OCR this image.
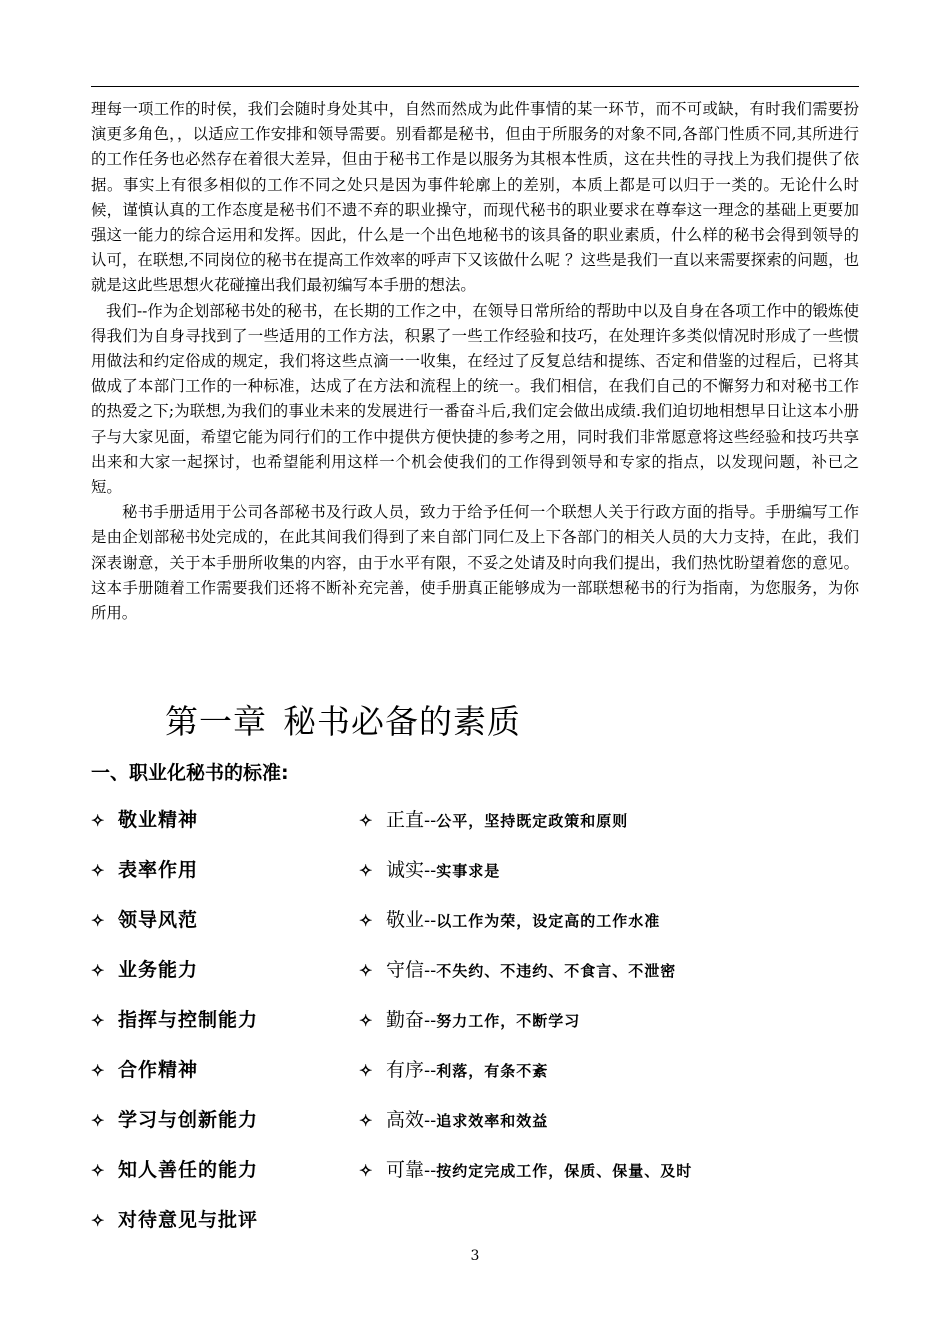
理每一项工作的时侯，我们会随时身处其中，自然而然成为此件事情的某一环节，而不可或缺，有时我们需要扮演更多角色，，以适应工作安排和领导需要。别看都是秘书，但由于所服务的对象不同,各部门性质不同,其所进行的工作任务也必然存在着很大差异，但由于秘书工作是以服务为其根本性质，这在共性的寻找上为我们提供了依据。事实上有很多相似的工作不同之处只是因为事件轮廓上的差别，本质上都是可以归于一类的。无论什么时候，谨慎认真的工作态度是秘书们不遗不弃的职业操守，而现代秘书的职业要求在尊奉这一理念的基础上更要加强这一能力的综合运用和发挥。因此，什么是一个出色地秘书的该具备的职业素质，什么样的秘书会得到领导的认可，在联想,不同岗位的秘书在提高工作效率的呼声下又该做什么呢 ？这些是我们一直以来需要探索的问题，也就是这此些思想火花碰撞出我们最初编写本手册的想法。

我们--作为企划部秘书处的秘书，在长期的工作之中，在领导日常所给的帮助中以及自身在各项工作中的锻炼使得我们为自身寻找到了一些适用的工作方法，积累了一些工作经验和技巧，在处理许多类似情况时形成了一些惯用做法和约定俗成的规定，我们将这些点滴一一收集，在经过了反复总结和提练、否定和借鉴的过程后，已将其做成了本部门工作的一种标准，达成了在方法和流程上的统一。我们相信，在我们自己的不懈努力和对秘书工作的热爱之下;为联想,为我们的事业未来的发展进行一番奋斗后,我们定会做出成绩.我们迫切地相想早日让这本小册子与大家见面，希望它能为同行们的工作中提供方便快捷的参考之用，同时我们非常愿意将这些经验和技巧共享出来和大家一起探讨，也希望能利用这样一个机会使我们的工作得到领导和专家的指点，以发现问题，补已之短。

秘书手册适用于公司各部秘书及行政人员，致力于给予任何一个联想人关于行政方面的指导。手册编写工作是由企划部秘书处完成的，在此其间我们得到了来自部门同仁及上下各部门的相关人员的大力支持，在此，我们深表谢意，关于本手册所收集的内容，由于水平有限，不妥之处请及时向我们提出，我们热忱盼望着您的意见。这本手册随着工作需要我们还将不断补充完善，使手册真正能够成为一部联想秘书的行为指南，为您服务，为你所用。

第一章 秘书必备的素质
一、职业化秘书的标准:
✧ 敬业精神
✧ 表率作用
✧ 领导风范
✧ 业务能力
✧ 指挥与控制能力
✧ 合作精神
✧ 学习与创新能力
✧ 知人善任的能力
✧ 对待意见与批评
✧ 正直--公平，坚持既定政策和原则
✧ 诚实--实事求是
✧ 敬业--以工作为荣，设定高的工作水准
✧ 守信--不失约、不违约、不食言、不泄密
✧ 勤奋--努力工作，不断学习
✧ 有序--利落，有条不紊
✧ 高效--追求效率和效益
✧ 可靠--按约定完成工作，保质、保量、及时
3
